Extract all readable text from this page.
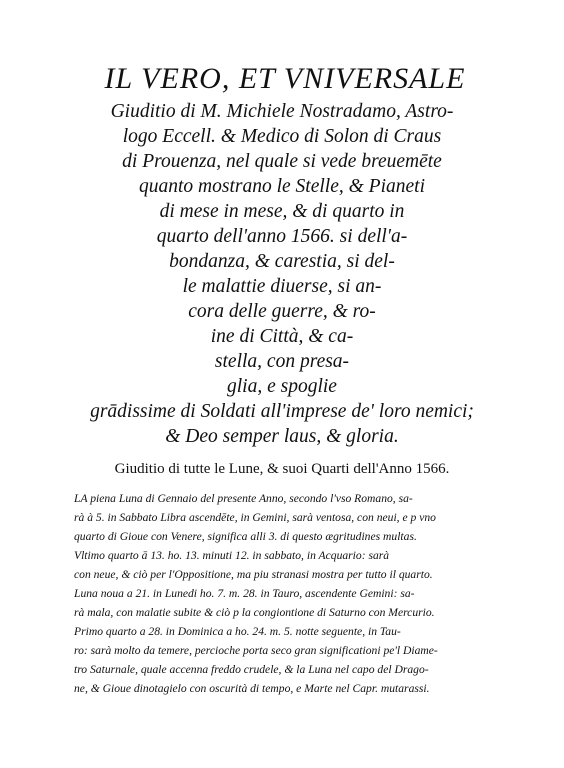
IL VERO, ET VNIVERSALE
Giuditio di M. Michiele Nostradamo, Astro-
logo Eccell. & Medico di Solon di Craus
di Prouenza, nel quale si vede breuemēte
quanto mostrano le Stelle, & Pianeti
di mese in mese, & di quarto in
quarto dell'anno 1566. si dell'a-
bondanza, & carestia, si del-
le malattie diuerse, si an-
cora delle guerre, & ro-
ine di Città, & ca-
stella, con presa-
glia, e spoglie
grādissime di Soldati all'imprese de' loro nemici;
& Deo semper laus, & gloria.
Giuditio di tutte le Lune, & suoi Quarti dell'Anno 1566.
LA piena Luna di Gennaio del presente Anno, secondo l'vso Romano, sa-
rà à 5. in Sabbato Libra ascendēte, in Gemini, sarà ventosa, con neui, e p vno
quarto di Gioue con Venere, significa alli 3. di questo ægritudines multas.
Vltimo quarto ā 13. ho. 13. minuti 12. in sabbato, in Acquario: sarà
con neue, & ciò per l'Oppositione, ma piu stranasi mostra per tutto il quarto.
Luna noua a 21. in Lunedi ho. 7. m. 28. in Tauro, ascendente Gemini: sa-
rà mala, con malatie subite & ciò p la congiontione di Saturno con Mercurio.
Primo quarto a 28. in Dominica a ho. 24. m. 5. notte seguente, in Tau-
ro: sarà molto da temere, percioche porta seco gran significationi pe'l Diame-
tro Saturnale, quale accenna freddo crudele, & la Luna nel capo del Drago-
ne, & Gioue dinotagielo con oscurità di tempo, e Marte nel Capr. mutarassi.
